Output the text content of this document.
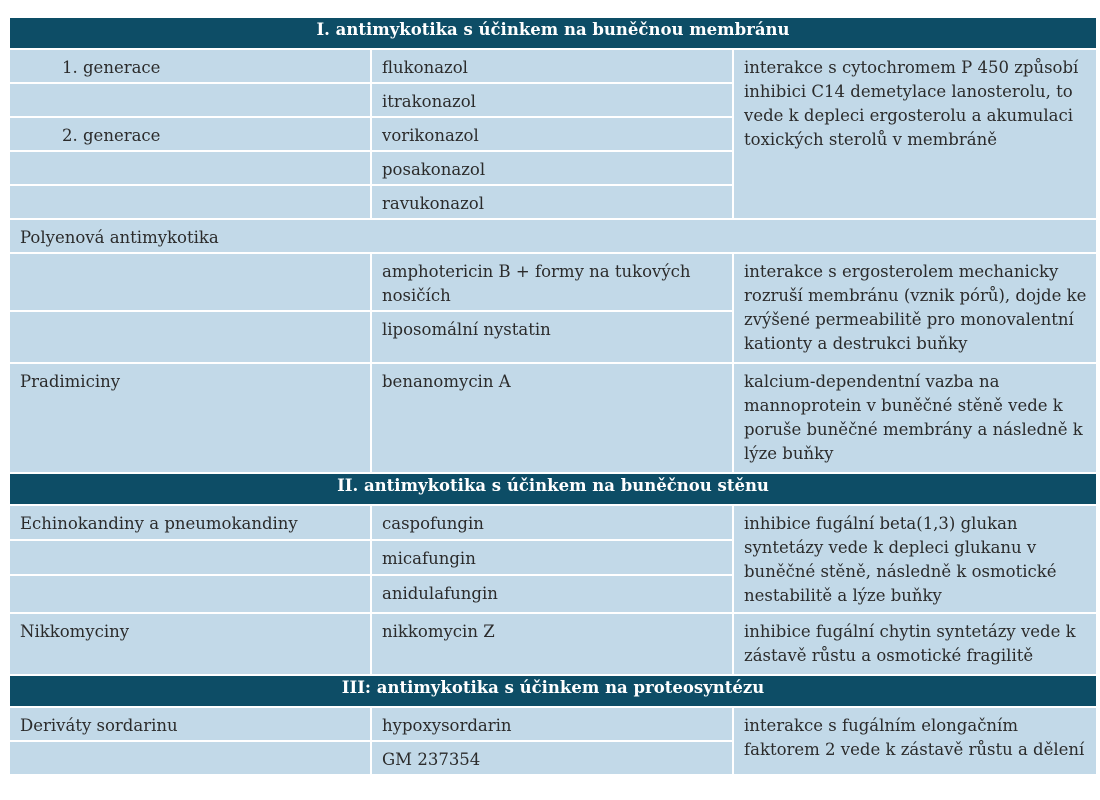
I. antimykotika s účinkem na buněčnou membránu		
1. generace	flukonazol	interakce s cytochromem P 450 způsobí inhibici C14 demetylace lanosterolu, to vede k depleci ergosterolu a akumulaci toxických sterolů v membráně
	itrakonazol	
2. generace	vorikonazol	
	posakonazol	
	ravukonazol	
Polyenová antimykotika		
	amphotericin B + formy na tukových nosičích	interakce s ergosterolem mechanicky rozruší membránu (vznik pórů), dojde ke zvýšené permeabilitě pro monovalentní kationty a destrukci buňky
	liposomální nystatin	
Pradimiciny	benanomycin A	kalcium-dependentní vazba na mannoprotein v buněčné stěně vede k poruše buněčné membrány a následně k lýze buňky
II. antimykotika s účinkem na buněčnou stěnu		
Echinokandiny a pneumokandiny	caspofungin	inhibice fugální beta(1,3) glukan syntetázy vede k depleci glukanu v buněčné stěně, následně k osmotické nestabilitě a lýze buňky
	micafungin	
	anidulafungin	
Nikkomyciny	nikkomycin Z	inhibice fugální chytin syntetázy vede k zástavě růstu a osmotické fragilitě
III: antimykotika s účinkem na proteosyntézu		
Deriváty sordarinu	hypoxysordarin	interakce s fugálním elongačním faktorem 2 vede k zástavě růstu a dělení
	GM 237354	
